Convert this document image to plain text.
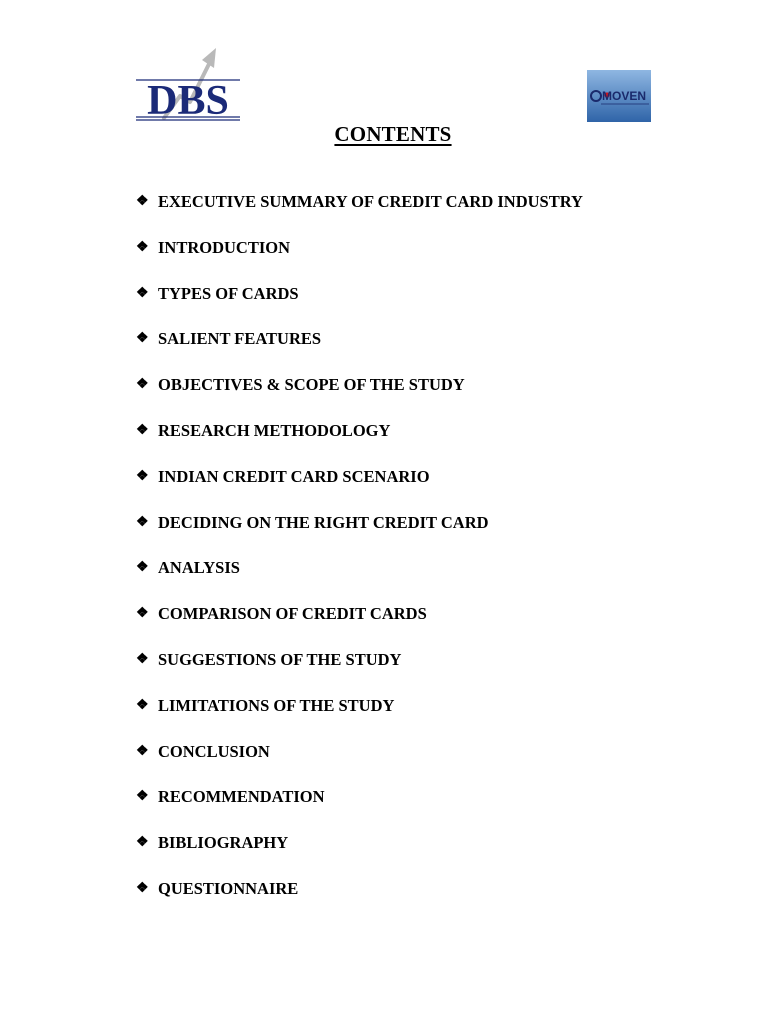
DBS	MOVEN
CONTENTS
❖ EXECUTIVE SUMMARY OF CREDIT CARD INDUSTRY
❖ INTRODUCTION
❖ TYPES OF CARDS
❖ SALIENT FEATURES
❖ OBJECTIVES & SCOPE OF THE STUDY
❖ RESEARCH METHODOLOGY
❖ INDIAN CREDIT CARD SCENARIO
❖ DECIDING ON THE RIGHT CREDIT CARD
❖ ANALYSIS
❖ COMPARISON OF CREDIT CARDS
❖ SUGGESTIONS OF THE STUDY
❖ LIMITATIONS OF THE STUDY
❖ CONCLUSION
❖ RECOMMENDATION
❖ BIBLIOGRAPHY
❖ QUESTIONNAIRE
